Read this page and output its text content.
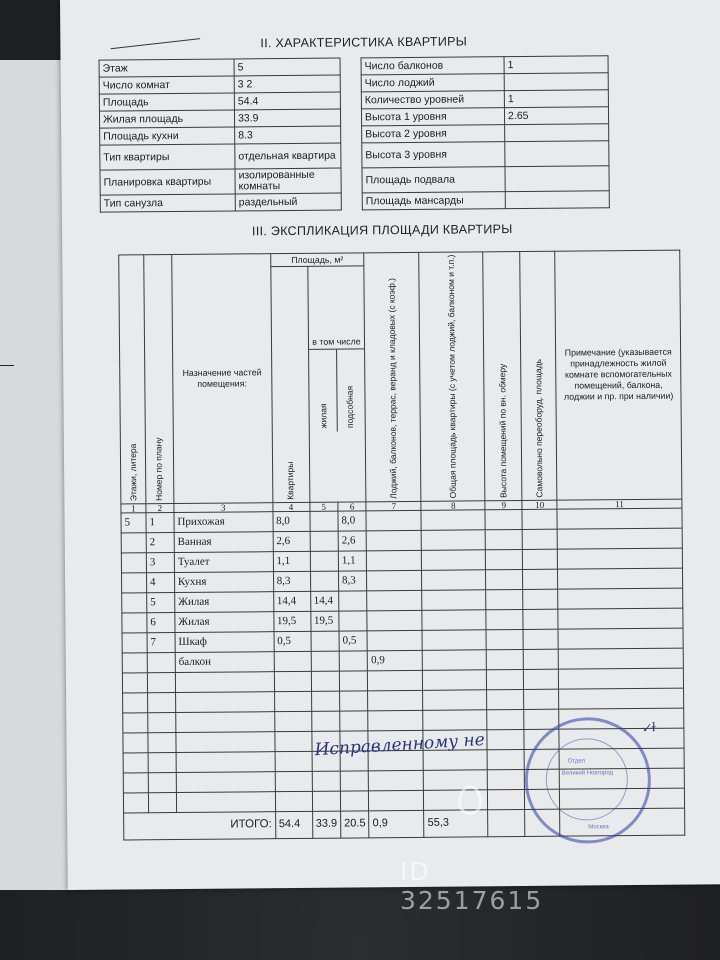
II. ХАРАКТЕРИСТИКА КВАРТИРЫ
Этаж	5
Число комнат	3 2
Площадь	54.4
Жилая площадь	33.9
Площадь кухни	8.3
Тип квартиры	отдельная квартира
Планировка квартиры	изолированные комнаты
Тип санузла	раздельный
Число балконов	1
Число лоджий	
Количество уровней	1
Высота 1 уровня	2.65
Высота 2 уровня	
Высота 3 уровня	
Площадь подвала	
Площадь мансарды	
III. ЭКСПЛИКАЦИЯ ПЛОЩАДИ КВАРТИРЫ
Этажи, литера	Номер по плану	Назначение частей помещения:	Площадь, м²	Лоджий, балконов, террас, веранд и кладовых (с коэф.)	Общая площадь квартиры (с учетом лоджий, балконом и т.п.)	Высота помещений по вн. обмеру	Самовольно переоборуд. площадь	Примечание (указывается принадлежность жилой комнате вспомогательных помещений, балкона, лоджии и пр. при наличии)
Квартиры	
в том числе
жилая	подсобная

1	2	3	4	5	6	7	8	9	10	11
5	1	Прихожая	8,0		8,0					
	2	Ванная	2,6		2,6					
	3	Туалет	1,1		1,1					
	4	Кухня	8,3		8,3					
	5	Жилая	14,4	14,4						
	6	Жилая	19,5	19,5						
	7	Шкаф	0,5		0,5					
		балкон				0,9				

ИТОГО:	54.4	33.9	20.5	0,9	55,3			
Исправленному не
✓ɫ
Отдел
Великий Новгород
Москва
ID 32517615
